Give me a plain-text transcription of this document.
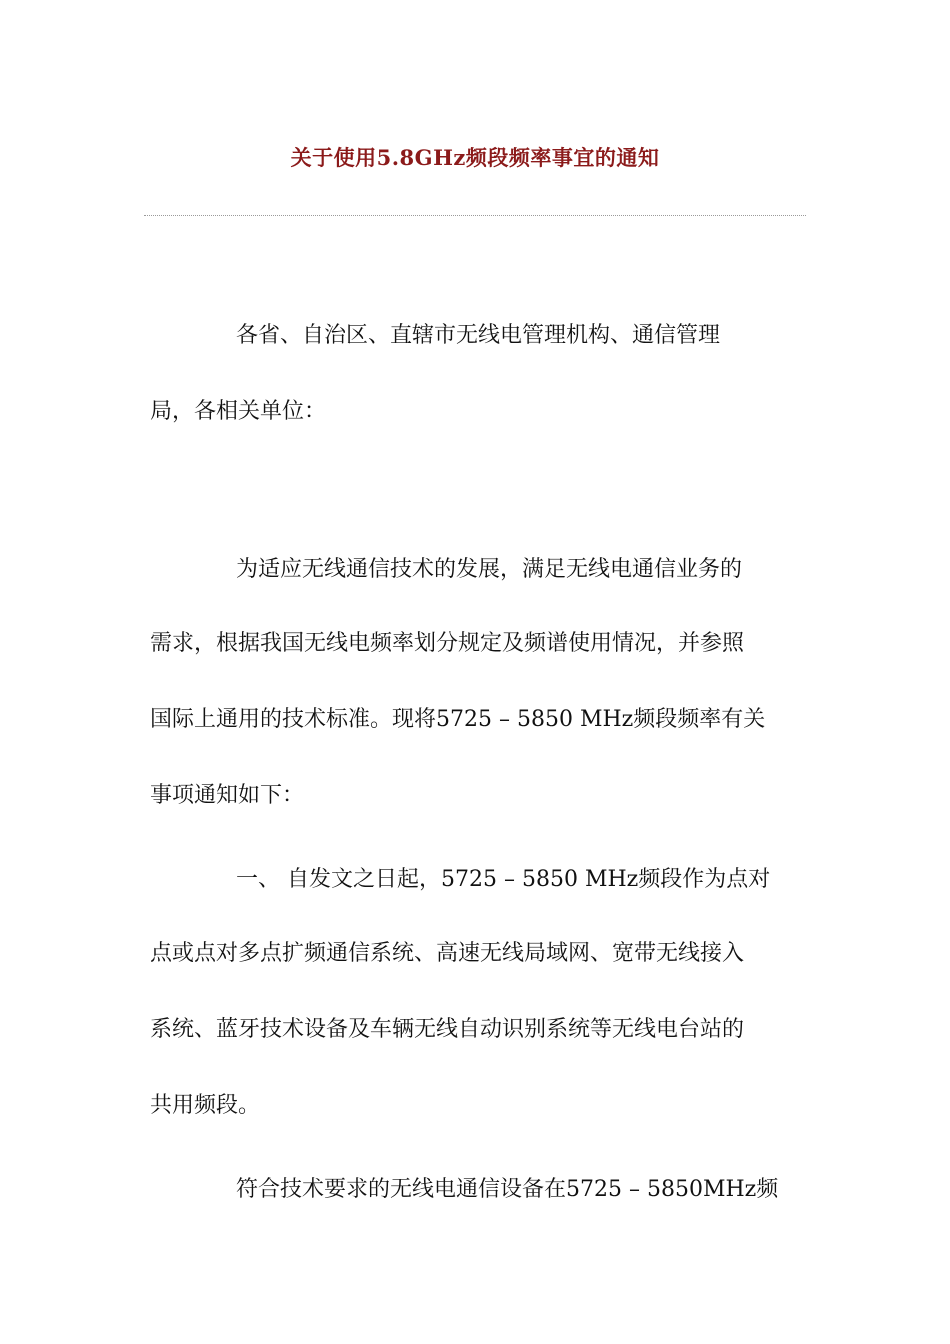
关于使用5.8GHz频段频率事宜的通知
各省、自治区、直辖市无线电管理机构、通信管理
局，各相关单位：
为适应无线通信技术的发展，满足无线电通信业务的
需求，根据我国无线电频率划分规定及频谱使用情况，并参照
国际上通用的技术标准。现将5725 – 5850 MHz频段频率有关
事项通知如下：
一、 自发文之日起，5725 – 5850 MHz频段作为点对
点或点对多点扩频通信系统、高速无线局域网、宽带无线接入
系统、蓝牙技术设备及车辆无线自动识别系统等无线电台站的
共用频段。
符合技术要求的无线电通信设备在5725 – 5850MHz频
